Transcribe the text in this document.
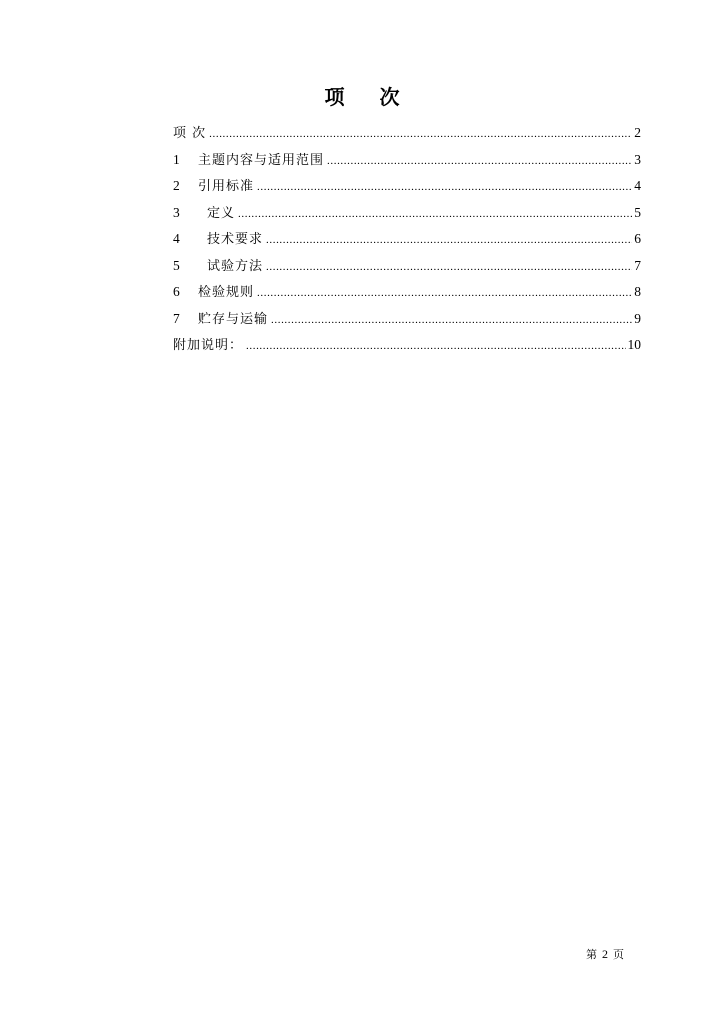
项 次
项 次 .....	2
1	主题内容与适用范围 .....	3
2	引用标准 .....	4
3	定义 .....	5
4	技术要求 .....	6
5	试验方法 .....	7
6	检验规则 .....	8
7	贮存与运输 .....	9
附加说明： .....	10
第 2 页
